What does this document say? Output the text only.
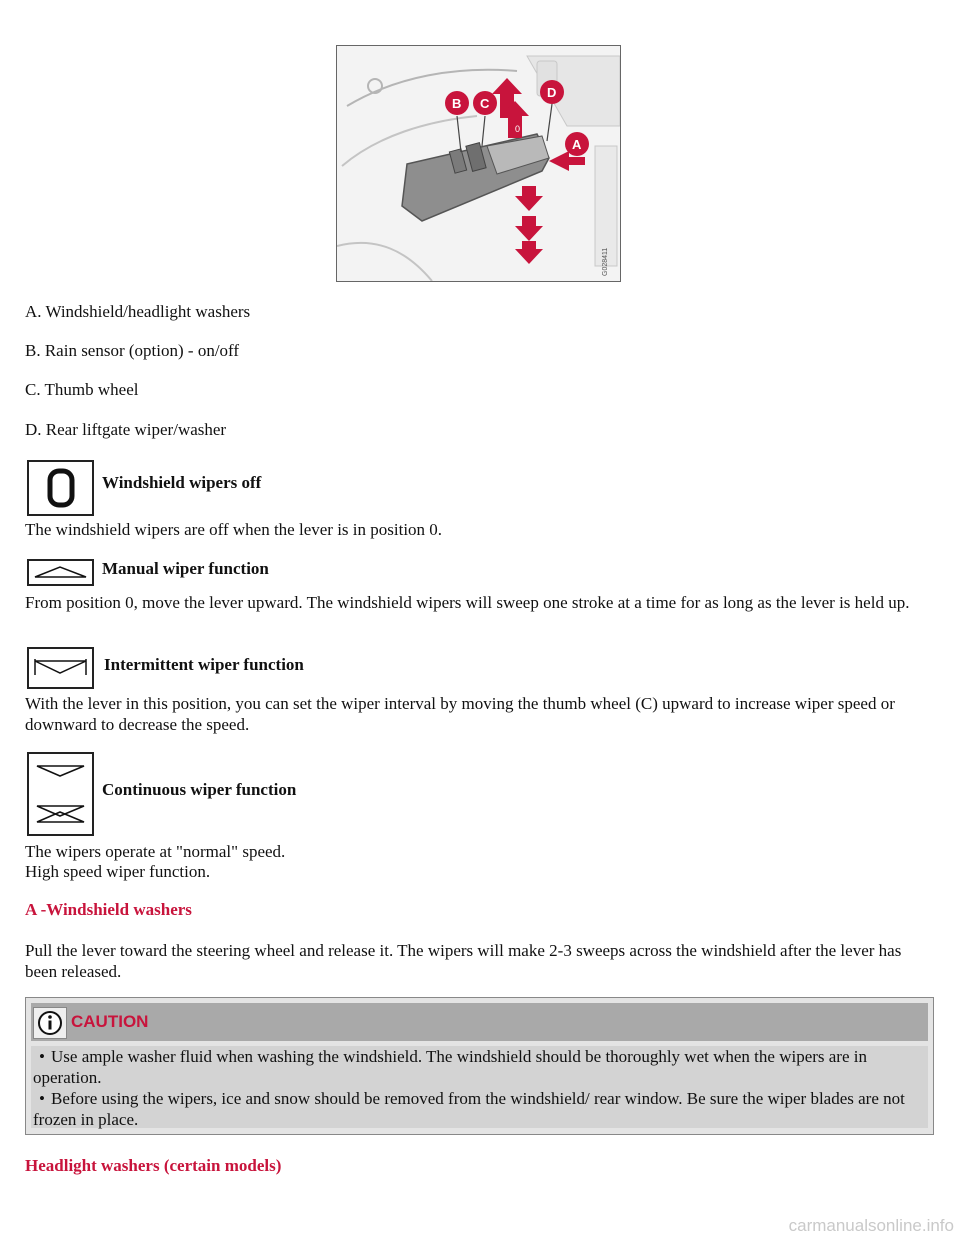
0
B C
D
A
G028411
A. Windshield/headlight washers
B. Rain sensor (option) - on/off
C. Thumb wheel
D. Rear liftgate wiper/washer
Windshield wipers off
The windshield wipers are off when the lever is in position 0.
Manual wiper function
From position 0, move the lever upward. The windshield wipers will sweep one stroke at a time for as long as the lever is held up.
Intermittent wiper function
With the lever in this position, you can set the wiper interval by moving the thumb wheel (C) upward to increase wiper speed or downward to decrease the speed.
Continuous wiper function
The wipers operate at "normal" speed.
High speed wiper function.
A -Windshield washers
Pull the lever toward the steering wheel and release it. The wipers will make 2-3 sweeps across the windshield after the lever has been released.
CAUTION
• Use ample washer fluid when washing the windshield. The windshield should be thoroughly wet when the wipers are in operation.
• Before using the wipers, ice and snow should be removed from the windshield/ rear window. Be sure the wiper blades are not frozen in place.
Headlight washers (certain models)
carmanualsonline.info
